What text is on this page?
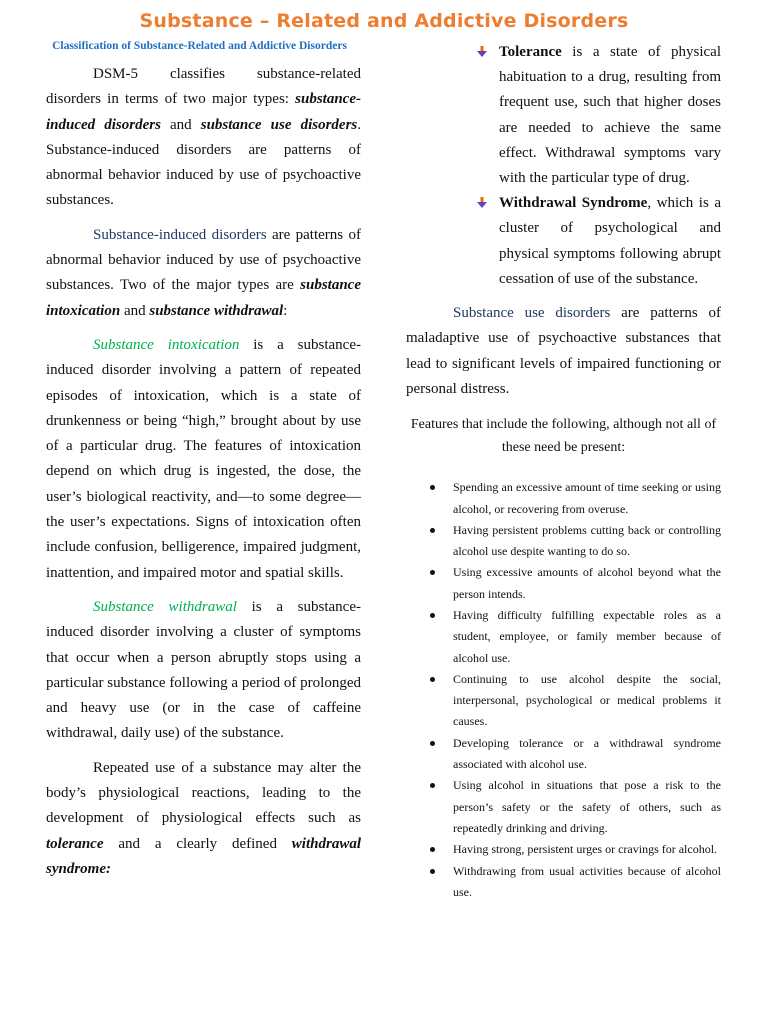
Substance – Related and Addictive Disorders
Classification of Substance-Related and Addictive Disorders

DSM-5 classifies substance-related disorders in terms of two major types: substance-induced disorders and substance use disorders. Substance-induced disorders are patterns of abnormal behavior induced by use of psychoactive substances.

Substance-induced disorders are patterns of abnormal behavior induced by use of psychoactive substances. Two of the major types are substance intoxication and substance withdrawal:

Substance intoxication is a substance-induced disorder involving a pattern of repeated episodes of intoxication, which is a state of drunkenness or being “high,” brought about by use of a particular drug. The features of intoxication depend on which drug is ingested, the dose, the user’s biological reactivity, and—to some degree—the user’s expectations. Signs of intoxication often include confusion, belligerence, impaired judgment, inattention, and impaired motor and spatial skills.

Substance withdrawal is a substance-induced disorder involving a cluster of symptoms that occur when a person abruptly stops using a particular substance following a period of prolonged and heavy use (or in the case of caffeine withdrawal, daily use) of the substance.

Repeated use of a substance may alter the body’s physiological reactions, leading to the development of physiological effects such as tolerance and a clearly defined withdrawal syndrome:

Tolerance is a state of physical habituation to a drug, resulting from frequent use, such that higher doses are needed to achieve the same effect. Withdrawal symptoms vary with the particular type of drug.
Withdrawal Syndrome, which is a cluster of psychological and physical symptoms following abrupt cessation of use of the substance.

Substance use disorders are patterns of maladaptive use of psychoactive substances that lead to significant levels of impaired functioning or personal distress.

Features that include the following, although not all of these need be present:
Spending an excessive amount of time seeking or using alcohol, or recovering from overuse.
Having persistent problems cutting back or controlling alcohol use despite wanting to do so.
Using excessive amounts of alcohol beyond what the person intends.
Having difficulty fulfilling expectable roles as a student, employee, or family member because of alcohol use.
Continuing to use alcohol despite the social, interpersonal, psychological or medical problems it causes.
Developing tolerance or a withdrawal syndrome associated with alcohol use.
Using alcohol in situations that pose a risk to the person’s safety or the safety of others, such as repeatedly drinking and driving.
Having strong, persistent urges or cravings for alcohol.
Withdrawing from usual activities because of alcohol use.
